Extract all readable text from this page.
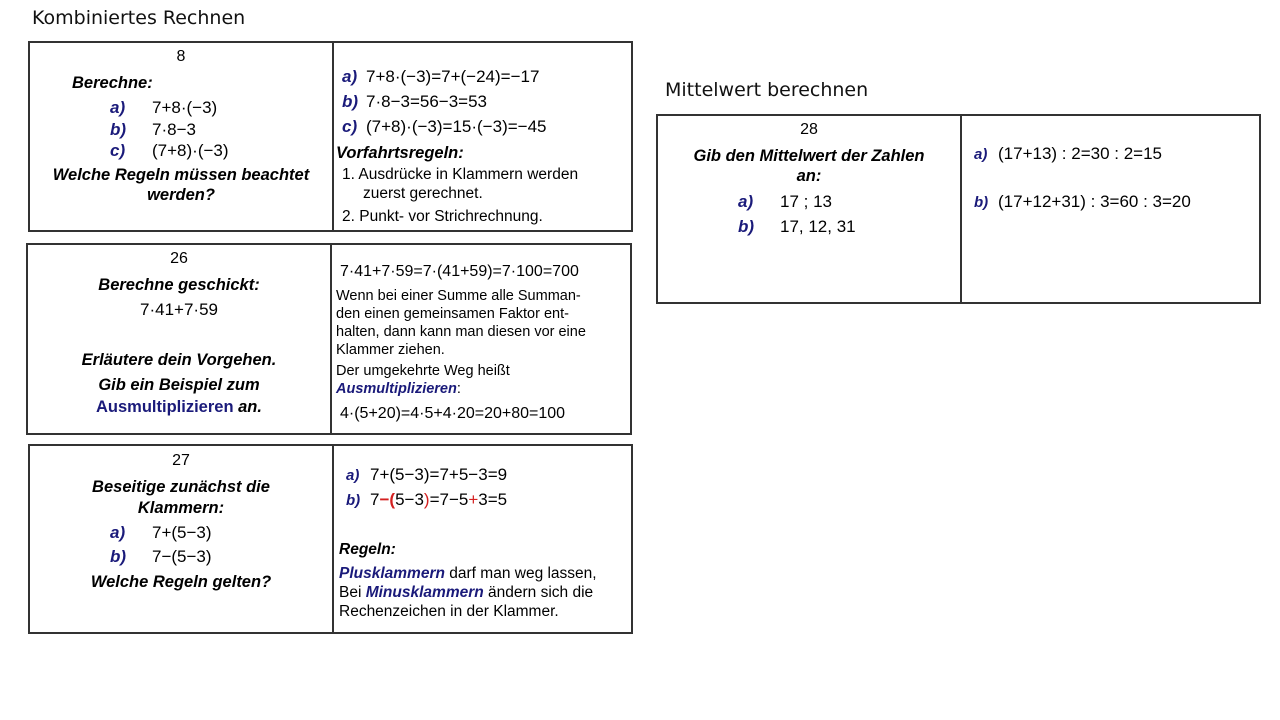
Kombiniertes Rechnen
Mittelwert berechnen
8
Berechne:
a) 7+8·(−3)
b) 7·8−3
c) (7+8)·(−3)
Welche Regeln müssen beachtet
werden?
a) 7+8·(−3)=7+(−24)=−17
b) 7·8−3=56−3=53
c) (7+8)·(−3)=15·(−3)=−45
Vorfahrtsregeln:
1. Ausdrücke in Klammern werden
zuerst gerechnet.
2. Punkt- vor Strichrechnung.
26
Berechne geschickt:
7·41+7·59
Erläutere dein Vorgehen.
Gib ein Beispiel zum
Ausmultiplizieren an.
7·41+7·59=7·(41+59)=7·100=700
Wenn bei einer Summe alle Summan-
den einen gemeinsamen Faktor ent-
halten, dann kann man diesen vor eine
Klammer ziehen.
Der umgekehrte Weg heißt
Ausmultiplizieren:
4·(5+20)=4·5+4·20=20+80=100
27
Beseitige zunächst die
Klammern:
a) 7+(5−3)
b) 7−(5−3)
Welche Regeln gelten?
a) 7+(5−3)=7+5−3=9
b) 7−(5−3)=7−5+3=5
Regeln:
Plusklammern darf man weg lassen,
Bei Minusklammern ändern sich die
Rechenzeichen in der Klammer.
28
Gib den Mittelwert der Zahlen
an:
a) 17 ; 13
b) 17, 12, 31
a) (17+13) : 2=30 : 2=15
b) (17+12+31) : 3=60 : 3=20
